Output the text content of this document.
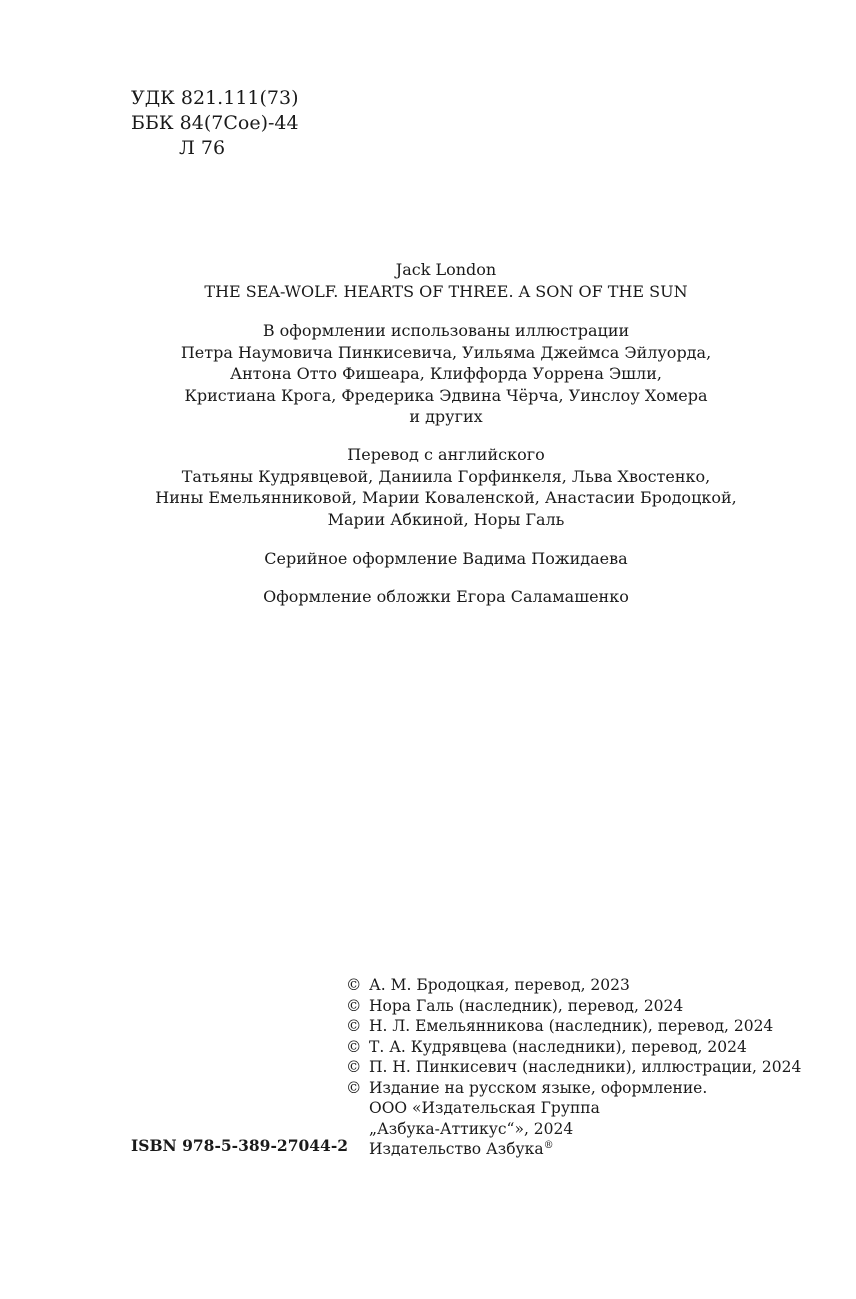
УДК 821.111(73)
ББК 84(7Сое)-44
Л 76
Jack London
THE SEA-WOLF. HEARTS OF THREE. A SON OF THE SUN
В оформлении использованы иллюстрации
Петра Наумовича Пинкисевича, Уильяма Джеймса Эйлуорда,
Антона Отто Фишеара, Клиффорда Уоррена Эшли,
Кристиана Крога, Фредерика Эдвина Чёрча, Уинслоу Хомера
и других
Перевод с английского
Татьяны Кудрявцевой, Даниила Горфинкеля, Льва Хвостенко,
Нины Емельянниковой, Марии Коваленской, Анастасии Бродоцкой,
Марии Абкиной, Норы Галь
Серийное оформление Вадима Пожидаева
Оформление обложки Егора Саламашенко
© А. М. Бродоцкая, перевод, 2023
© Нора Галь (наследник), перевод, 2024
© Н. Л. Емельянникова (наследник), перевод, 2024
© Т. А. Кудрявцева (наследники), перевод, 2024
© П. Н. Пинкисевич (наследники), иллюстрации, 2024
© Издание на русском языке, оформление.
ООО «Издательская Группа
„Азбука-Аттикус“», 2024
Издательство Азбука®
ISBN 978-5-389-27044-2
